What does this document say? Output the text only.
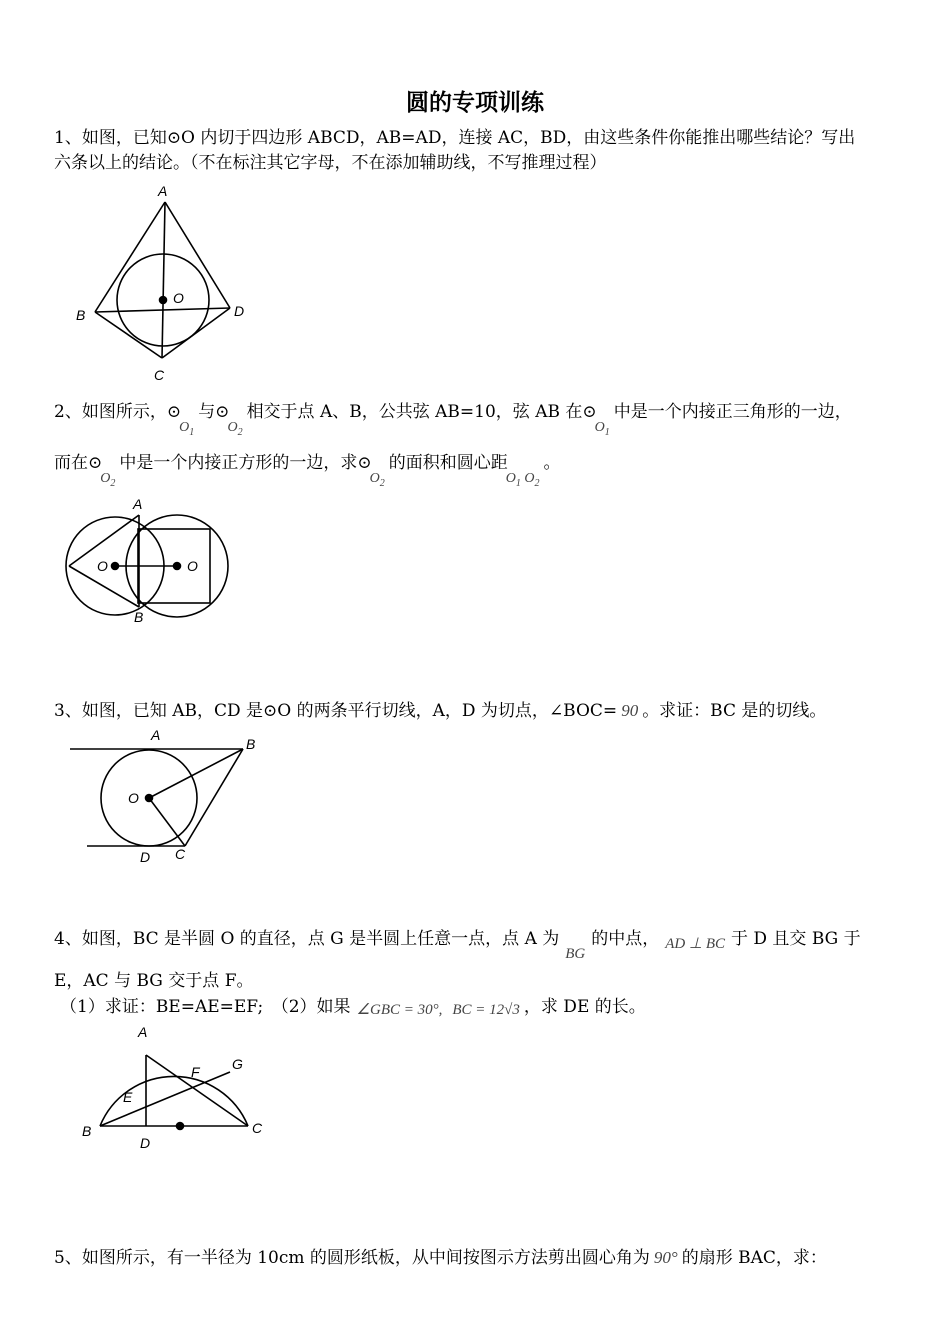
圆的专项训练
1、如图，已知⊙O 内切于四边形 ABCD，AB=AD，连接 AC，BD，由这些条件你能推出哪些结论？写出
六条以上的结论。（不在标注其它字母，不在添加辅助线，不写推理过程）
A
B
C
D
O
2、如图所示，$⊙_{O_1}$与$⊙_{O_2}$相交于点 A、B，公共弦 AB=10，弦 AB 在$⊙_{O_1}$中是一个内接正三角形的一边，
而在$⊙_{O_2}$中是一个内接正方形的一边，求$⊙_{O_2}$的面积和圆心距$_{O_1 O_2}$。
A
B
O	O
3、如图，已知 AB，CD 是⊙O 的两条平行切线，A，D 为切点，∠BOC= 90 。求证：BC 是的切线。
A
B
O
D C
4、如图，BC 是半圆 O 的直径，点 G 是半圆上任意一点，点 A 为BG的中点， AD ⊥ BC 于 D 且交 BG 于
E，AC 与 BG 交于点 F。
（1）求证：BE=AE=EF;　（2）如果 ∠GBC = 30°, BC = 12√3 ，求 DE 的长。
A
G
F
E
B
D
C
5、如图所示，有一半径为 10cm 的圆形纸板，从中间按图示方法剪出圆心角为 90° 的扇形 BAC，求：
